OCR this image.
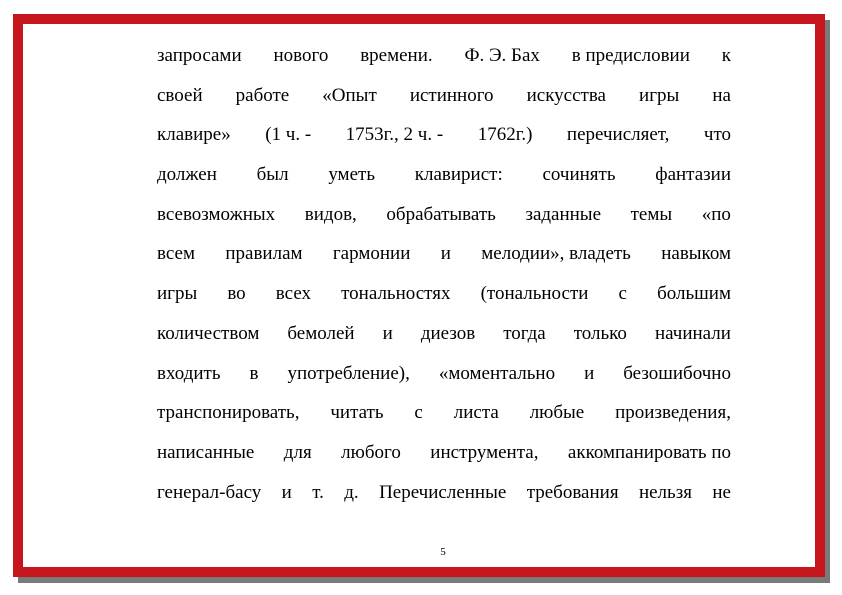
запросами нового времени. Ф. Э. Бах в предисловии к
своей работе «Опыт истинного искусства игры на
клавире» (1 ч. - 1753г., 2 ч. - 1762г.) перечисляет, что
должен был уметь клавирист: сочинять фантазии
всевозможных видов, обрабатывать заданные темы «по
всем правилам гармонии и мелодии», владеть навыком
игры во всех тональностях (тональности с большим
количеством бемолей и диезов тогда только начинали
входить в употребление), «моментально и безошибочно
транспонировать, читать с листа любые произведения,
написанные для любого инструмента, аккомпанировать по
генерал-басу и т. д. Перечисленные требования нельзя не
5
